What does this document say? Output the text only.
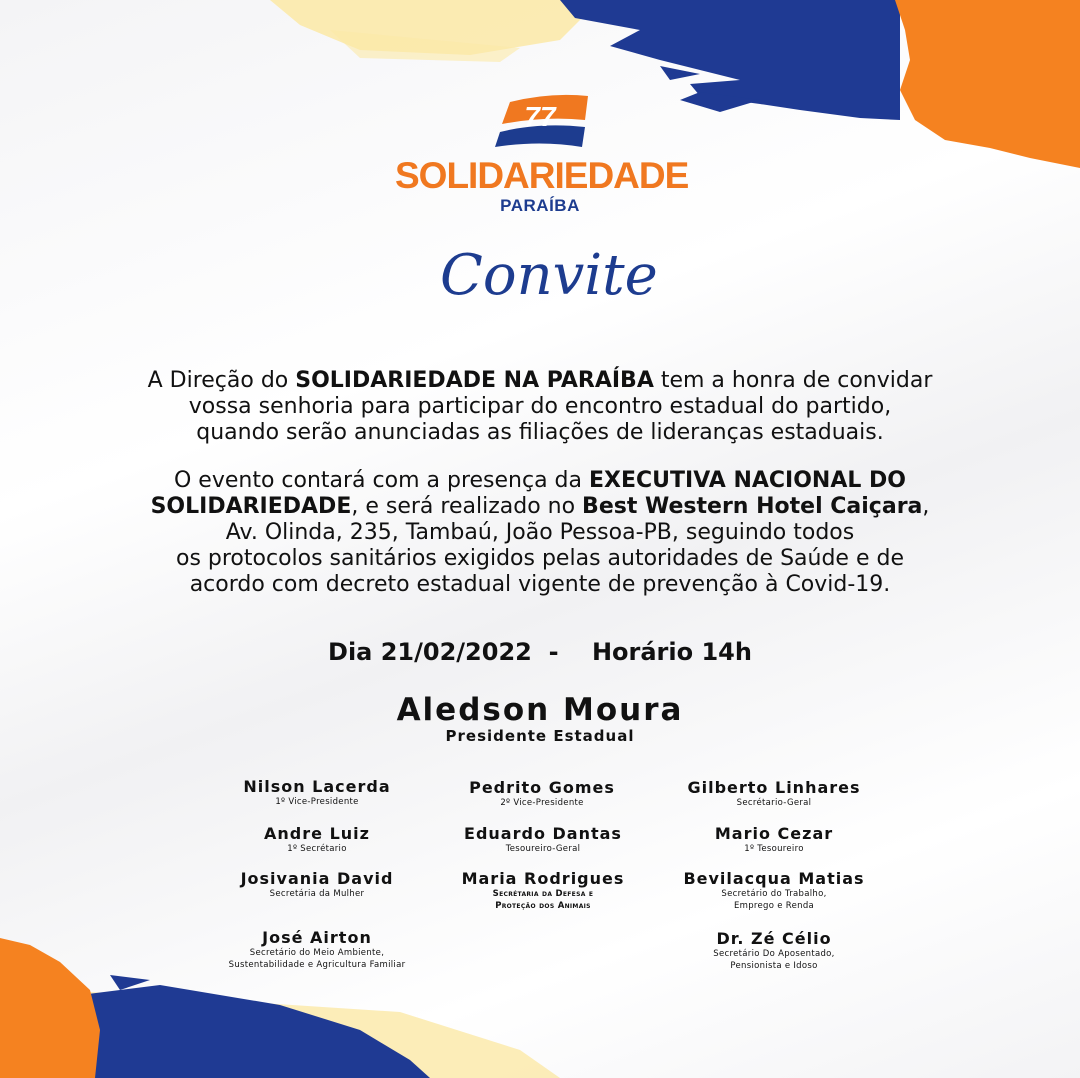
77
SOLIDARIEDADE
PARAÍBA
Convite
A Direção do SOLIDARIEDADE NA PARAÍBA tem a honra de convidar
vossa senhoria para participar do encontro estadual do partido,
quando serão anunciadas as filiações de lideranças estaduais.
O evento contará com a presença da EXECUTIVA NACIONAL DO
SOLIDARIEDADE, e será realizado no Best Western Hotel Caiçara,
Av. Olinda, 235, Tambaú, João Pessoa-PB, seguindo todos
os protocolos sanitários exigidos pelas autoridades de Saúde e de
acordo com decreto estadual vigente de prevenção à Covid-19.
Dia 21/02/2022  -    Horário 14h
Aledson Moura
Presidente Estadual
Nilson Lacerda
1º Vice-Presidente
Pedrito Gomes
2º Vice-Presidente
Gilberto Linhares
Secrétario-Geral
Andre Luiz
1º Secrétario
Eduardo Dantas
Tesoureiro-Geral
Mario Cezar
1º Tesoureiro
Josivania David
Secretária da Mulher
Maria Rodrigues
Secrétaria da Defesa e
Proteção dos Animais
Bevilacqua Matias
Secretário do Trabalho,
Emprego e Renda
José Airton
Secretário do Meio Ambiente,
Sustentabilidade e Agricultura Familiar
Dr. Zé Célio
Secretário Do Aposentado,
Pensionista e Idoso
